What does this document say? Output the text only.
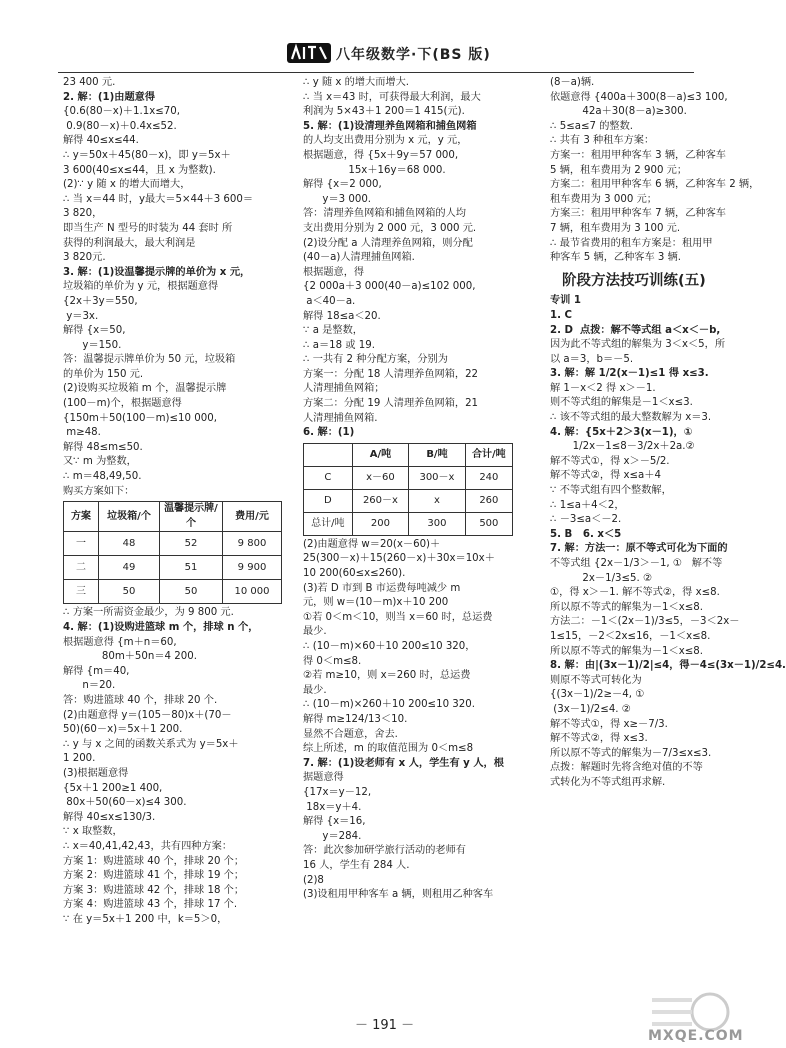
八年级数学·下(BS 版)

23 400 元.

2. 解：(1)由题意得

{0.6(80－x)＋1.1x≤70,

0.9(80－x)＋0.4x≤52.

解得 40≤x≤44.

∴ y＝50x＋45(80－x)，即 y＝5x＋

3 600(40≤x≤44，且 x 为整数).

(2)∵ y 随 x 的增大而增大，

∴ 当 x＝44 时，y最大＝5×44＋3 600＝

3 820，

即当生产 N 型号的时装为 44 套时 所

获得的利润最大，最大利润是

3 820元.

3. 解：(1)设温馨提示牌的单价为 x 元，

垃圾箱的单价为 y 元，根据题意得

{2x＋3y＝550,

y＝3x.

解得 {x＝50,

y＝150.

答：温馨提示牌单价为 50 元，垃圾箱

的单价为 150 元.

(2)设购买垃圾箱 m 个，温馨提示牌

(100－m)个，根据题意得

{150m＋50(100－m)≤10 000,

m≥48.

解得 48≤m≤50.

又∵ m 为整数，

∴ m＝48,49,50.

购买方案如下：

方案	垃圾箱/个	温馨提示牌/个	费用/元
一	48	52	9 800
二	49	51	9 900
三	50	50	10 000

∴ 方案一所需资金最少，为 9 800 元.

4. 解：(1)设购进篮球 m 个，排球 n 个，

根据题意得 {m＋n＝60,

80m＋50n＝4 200.

解得 {m＝40,

n＝20.

答：购进篮球 40 个，排球 20 个.

(2)由题意得 y＝(105－80)x＋(70－

50)(60－x)＝5x＋1 200.

∴ y 与 x 之间的函数关系式为 y＝5x＋

1 200.

(3)根据题意得

{5x＋1 200≥1 400,

80x＋50(60－x)≤4 300.

解得 40≤x≤130/3.

∵ x 取整数，

∴ x＝40,41,42,43，共有四种方案：

方案 1：购进篮球 40 个，排球 20 个；

方案 2：购进篮球 41 个，排球 19 个；

方案 3：购进篮球 42 个，排球 18 个；

方案 4：购进篮球 43 个，排球 17 个.

∵ 在 y＝5x＋1 200 中，k＝5＞0，

∴ y 随 x 的增大而增大.

∴ 当 x＝43 时，可获得最大利润，最大

利润为 5×43＋1 200＝1 415(元).

5. 解：(1)设清理养鱼网箱和捕鱼网箱

的人均支出费用分别为 x 元，y 元，

根据题意，得 {5x＋9y＝57 000,

15x＋16y＝68 000.

解得 {x＝2 000,

y＝3 000.

答：清理养鱼网箱和捕鱼网箱的人均

支出费用分别为 2 000 元，3 000 元.

(2)设分配 a 人清理养鱼网箱，则分配

(40－a)人清理捕鱼网箱.

根据题意，得

{2 000a＋3 000(40－a)≤102 000,

a＜40－a.

解得 18≤a＜20.

∵ a 是整数，

∴ a＝18 或 19.

∴ 一共有 2 种分配方案，分别为

方案一：分配 18 人清理养鱼网箱，22

人清理捕鱼网箱；

方案二：分配 19 人清理养鱼网箱，21

人清理捕鱼网箱.

6. 解：(1)

	A/吨	B/吨	合计/吨
C	x－60	300－x	240
D	260－x	x	260
总计/吨	200	300	500

(2)由题意得 w＝20(x－60)＋

25(300－x)＋15(260－x)＋30x＝10x＋

10 200(60≤x≤260).

(3)若 D 市到 B 市运费每吨减少 m

元，则 w＝(10－m)x＋10 200

①若 0＜m＜10，则当 x＝60 时，总运费

最少.

∴ (10－m)×60＋10 200≤10 320，

得 0＜m≤8.

②若 m≥10，则 x＝260 时，总运费

最少.

∴ (10－m)×260＋10 200≤10 320.

解得 m≥124/13＜10.

显然不合题意，舍去.

综上所述，m 的取值范围为 0＜m≤8

7. 解：(1)设老师有 x 人，学生有 y 人，根

据题意得

{17x＝y－12,

18x＝y＋4.

解得 {x＝16,

y＝284.

答：此次参加研学旅行活动的老师有

16 人，学生有 284 人.

(2)8

(3)设租用甲种客车 a 辆，则租用乙种客车

(8－a)辆.

依题意得 {400a＋300(8－a)≤3 100,

42a＋30(8－a)≥300.

∴ 5≤a≤7 的整数.

∴ 共有 3 种租车方案：

方案一：租用甲种客车 3 辆，乙种客车

5 辆，租车费用为 2 900 元；

方案二：租用甲种客车 6 辆，乙种客车 2 辆，

租车费用为 3 000 元；

方案三：租用甲种客车 7 辆，乙种客车

7 辆，租车费用为 3 100 元.

∴ 最节省费用的租车方案是：租用甲

种客车 5 辆，乙种客车 3 辆.

阶段方法技巧训练(五)

专训 1

1. C

2. D  点拨：解不等式组 a＜x＜－b,

因为此不等式组的解集为 3＜x＜5，所

以 a＝3，b＝－5.

3. 解：解 1/2(x－1)≤1 得 x≤3.

解 1－x＜2 得 x＞－1.

则不等式组的解集是－1＜x≤3.

∴ 该不等式组的最大整数解为 x＝3.

4. 解：{5x＋2＞3(x－1)，①

1/2x－1≤8－3/2x＋2a.②

解不等式①，得 x＞－5/2.

解不等式②，得 x≤a＋4

∵ 不等式组有四个整数解，

∴ 1≤a＋4＜2，

∴ －3≤a＜－2.

5. B   6. x＜5

7. 解：方法一：原不等式可化为下面的

不等式组 {2x－1/3＞－1, ①   解不等

2x－1/3≤5. ②

①，得 x＞－1. 解不等式②，得 x≤8.

所以原不等式的解集为－1＜x≤8.

方法二：－1＜(2x－1)/3≤5，－3＜2x－

1≤15，－2＜2x≤16，－1＜x≤8.

所以原不等式的解集为－1＜x≤8.

8. 解：由|(3x－1)/2|≤4，得－4≤(3x－1)/2≤4.

则原不等式可转化为

{(3x－1)/2≥－4, ①

(3x－1)/2≤4. ②

解不等式①，得 x≥－7/3.

解不等式②，得 x≤3.

所以原不等式的解集为－7/3≤x≤3.

点拨：解题时先将含绝对值的不等

式转化为不等式组再求解.

－ 191 －
MXQE.COM
